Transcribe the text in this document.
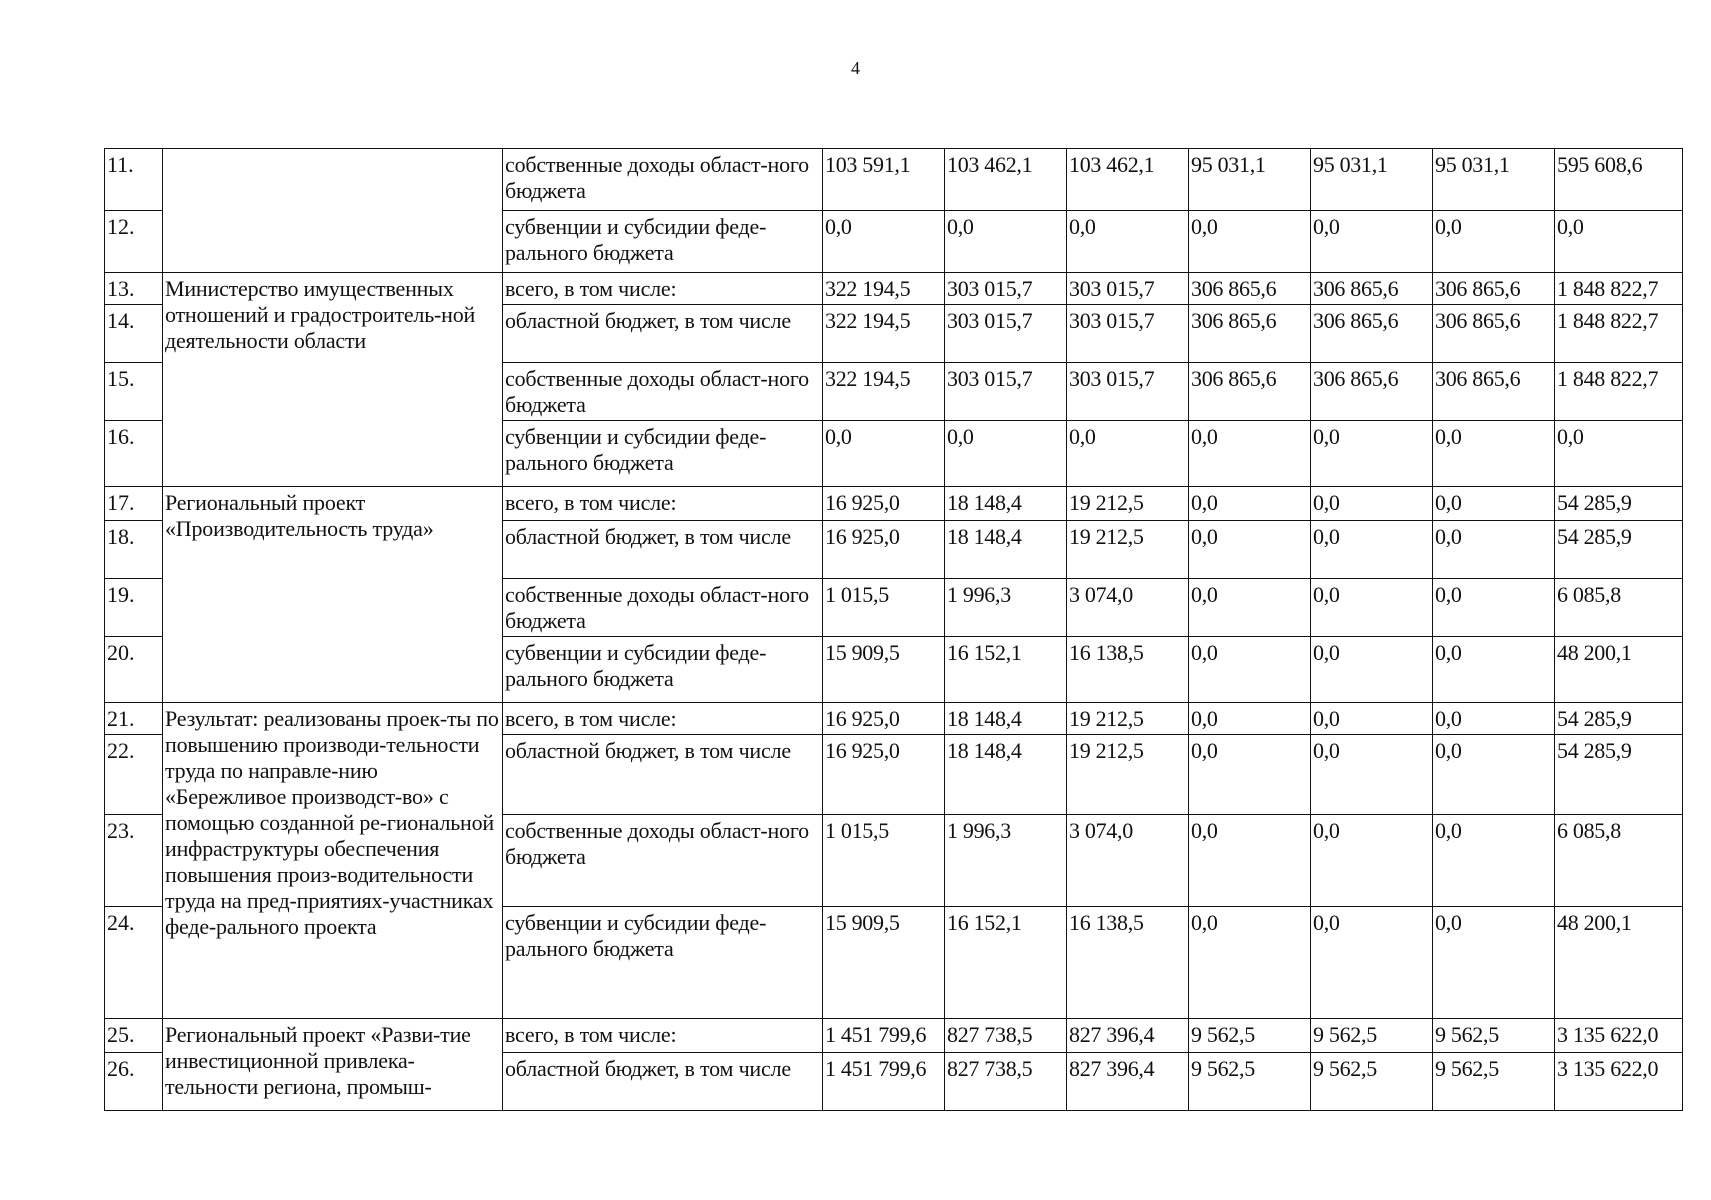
4
11.		собственные доходы област-ного бюджета	103 591,1	103 462,1	103 462,1	95 031,1	95 031,1	95 031,1	595 608,6
12.		субвенции и субсидии феде-рального бюджета	0,0	0,0	0,0	0,0	0,0	0,0	0,0
13.	Министерство имущественных отношений и градостроитель-ной деятельности области	всего, в том числе:	322 194,5	303 015,7	303 015,7	306 865,6	306 865,6	306 865,6	1 848 822,7
14.		областной бюджет, в том числе	322 194,5	303 015,7	303 015,7	306 865,6	306 865,6	306 865,6	1 848 822,7
15.		собственные доходы област-ного бюджета	322 194,5	303 015,7	303 015,7	306 865,6	306 865,6	306 865,6	1 848 822,7
16.		субвенции и субсидии феде-рального бюджета	0,0	0,0	0,0	0,0	0,0	0,0	0,0
17.	Региональный проект «Производительность труда»	всего, в том числе:	16 925,0	18 148,4	19 212,5	0,0	0,0	0,0	54 285,9
18.		областной бюджет, в том числе	16 925,0	18 148,4	19 212,5	0,0	0,0	0,0	54 285,9
19.		собственные доходы област-ного бюджета	1 015,5	1 996,3	3 074,0	0,0	0,0	0,0	6 085,8
20.		субвенции и субсидии феде-рального бюджета	15 909,5	16 152,1	16 138,5	0,0	0,0	0,0	48 200,1
21.	Результат: реализованы проек-ты по повышению производи-тельности труда по направле-нию «Бережливое производст-во» с помощью созданной ре-гиональной инфраструктуры обеспечения повышения произ-водительности труда на пред-приятиях-участниках феде-рального проекта	всего, в том числе:	16 925,0	18 148,4	19 212,5	0,0	0,0	0,0	54 285,9
22.		областной бюджет, в том числе	16 925,0	18 148,4	19 212,5	0,0	0,0	0,0	54 285,9
23.		собственные доходы област-ного бюджета	1 015,5	1 996,3	3 074,0	0,0	0,0	0,0	6 085,8
24.		субвенции и субсидии феде-рального бюджета	15 909,5	16 152,1	16 138,5	0,0	0,0	0,0	48 200,1
25.	Региональный проект «Разви-тие инвестиционной привлека-тельности региона, промыш-	всего, в том числе:	1 451 799,6	827 738,5	827 396,4	9 562,5	9 562,5	9 562,5	3 135 622,0
26.		областной бюджет, в том числе	1 451 799,6	827 738,5	827 396,4	9 562,5	9 562,5	9 562,5	3 135 622,0
